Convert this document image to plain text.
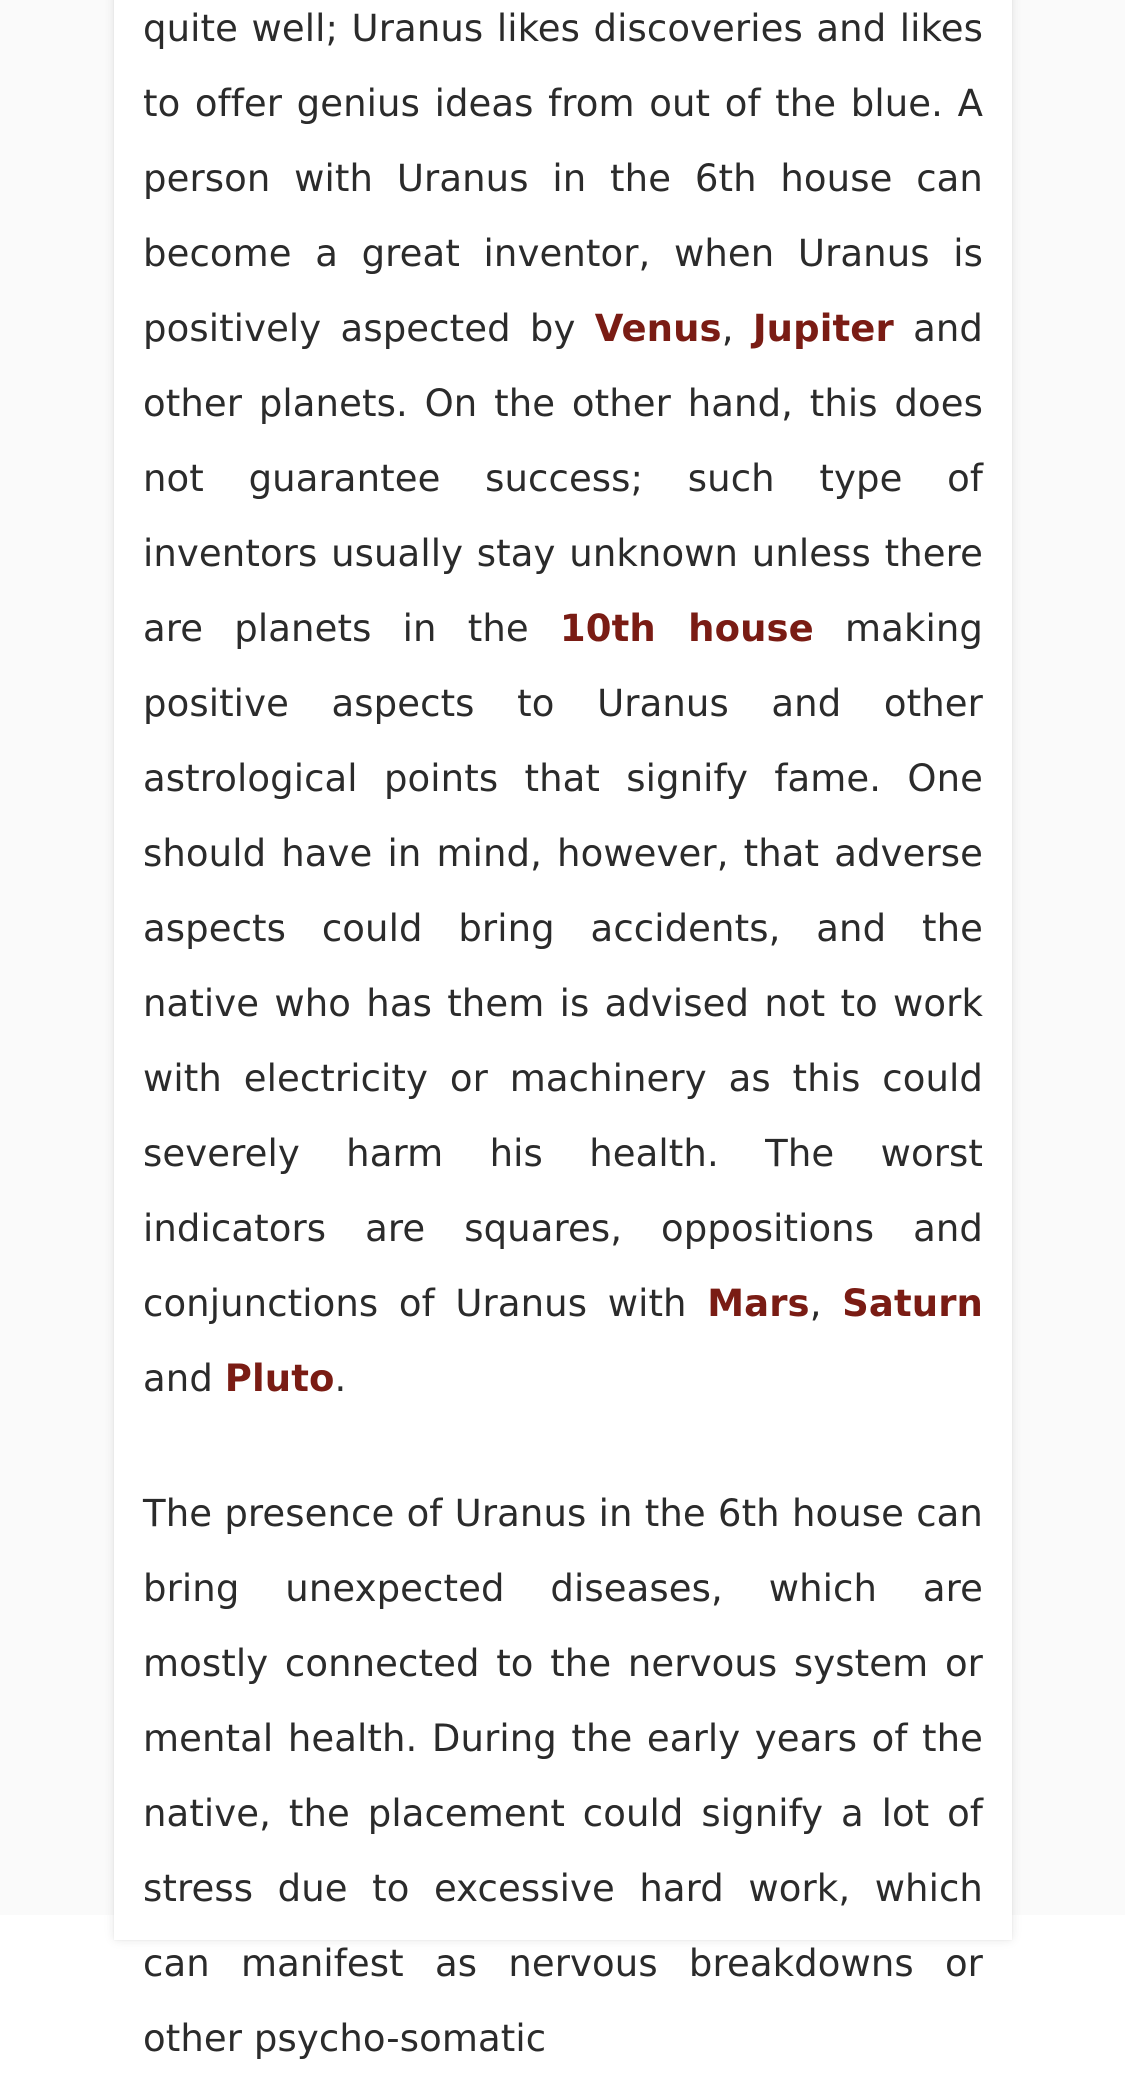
quite well; Uranus likes discoveries and likes to offer genius ideas from out of the blue. A person with Uranus in the 6th house can become a great inventor, when Uranus is positively aspected by Venus, Jupiter and other planets. On the other hand, this does not guarantee success; such type of inventors usually stay unknown unless there are planets in the 10th house making positive aspects to Uranus and other astrological points that signify fame. One should have in mind, however, that adverse aspects could bring accidents, and the native who has them is advised not to work with electricity or machinery as this could severely harm his health. The worst indicators are squares, oppositions and conjunctions of Uranus with Mars, Saturn and Pluto.

The presence of Uranus in the 6th house can bring unexpected diseases, which are mostly connected to the nervous system or mental health. During the early years of the native, the placement could signify a lot of stress due to excessive hard work, which can manifest as nervous breakdowns or other psycho-somatic
